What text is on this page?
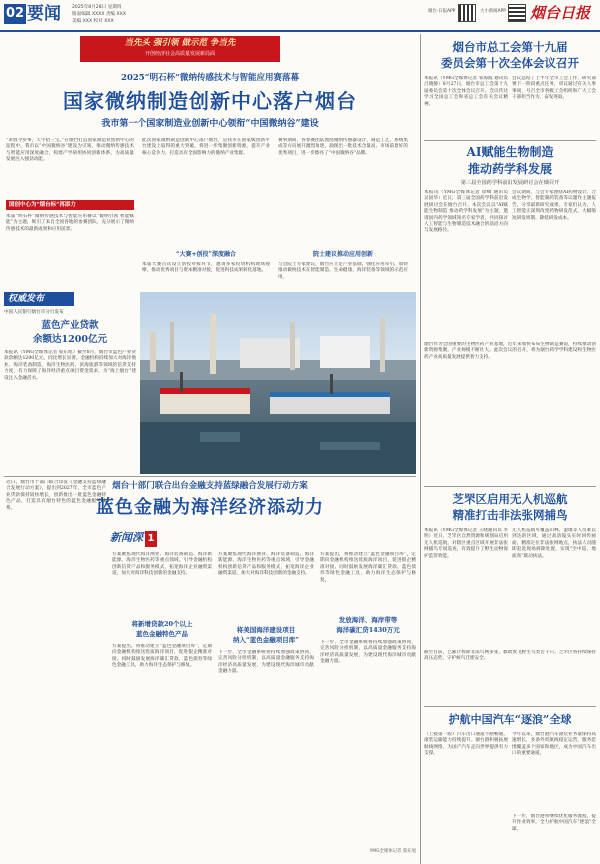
02 要闻 2025年8月28日 星期四
版面编辑 XXXX 责编 XXX
美编 XXX 校对 XXX
烟台·日报APP	大小新闻APP 烟台日报
当先头 强引领 做示范 争当先
开创经济社会高质量发展新局面
2025“明石杯”微纳传感技术与智能应用赛落幕
国家微纳制造创新中心落户烟台
我市第一个国家制造业创新中心领衔“中国微纳谷”建设
“求放今岁事，天宇招三宝。”在烟台打造国家制造业创新中心的征程中，我市以“中国微纳谷”建设为引领，推动微纳传感技术与智能应用深度融合，构建产学研用协同创新体系，为高质量发展注入强劲动能。
国创中心为“烟台标”再添力
本届“明石杯”微纳传感技术与智能应用赛以“微纳引领 智能赋能”为主题，吸引了来自全国各地的参赛团队，充分展示了微纳传感技术的最新成果和应用前景。
此次国家微纳制造创新中心落户烟台，是我市在国家级创新平台建设上取得的重大突破，将进一步集聚创新资源，提升产业核心竞争力，打造具有全国影响力的微纳产业集群。
“大赛+创投”深度融合
本届大赛首次设立创投对接环节，邀请多家投资机构现场观摩，推动优秀项目与资本精准对接，促进科技成果转化落地。
赛事期间，各参赛团队围绕微纳传感器设计、制造工艺、系统集成等方向展开激烈角逐，涌现出一批技术含量高、市场前景好的优秀项目，进一步擦亮了“中国微纳谷”品牌。
院士建议推动应用创新
与会院士专家建议，烟台应立足产业基础，强化应用牵引，加快推动微纳技术在智能制造、生命健康、海洋装备等领域的示范应用。
烟台市总工会第十九届
委员会第十次全体会议召开
本报讯（YMG全媒体记者 邹海波 通讯员 吕晓静）8月27日，烟台市总工会第十九届委员会第十次全体会议召开。会议传达学习全国总工会和省总工会有关会议精神。
会议总结了上半年全市工会工作，研究部署下一阶段重点任务，审议通过有关人事事项，号召全市各级工会组织和广大工会干部担当作为、奋发进取。
AI赋能生物制造
推动药学科发展
第三届全国药学科前沿发展研讨会在烟召开
本报讯（YMG全媒体记者 徐峰 通讯员 吴国华）近日，第三届全国药学科前沿发展研讨会在烟台召开。本次会议以“AI赋能生物制造 推动药学科发展”为主题，邀请国内药学领域知名专家学者，共同探讨人工智能与生物制造技术融合的前沿方向与发展路径。
会议期间，与会专家围绕AI药物设计、合成生物学、智能制药装备等议题作主题报告，分享最新研究成果。专家们认为，人工智能正深刻改变药物研发范式，大幅缩短研发周期、降低研发成本。
烟台作为全国重要的生物医药产业基地，近年来加快布局生物制造赛道，持续推动创新资源集聚，产业规模不断壮大。此次会议的召开，将为烟台药学学科建设和生物医药产业高质量发展提供智力支持。
权威发布
中国人民银行烟台市分行发布
蓝色产业贷款
余额达1200亿元
本报讯（YMG全媒体记者 蔡东旭）截至8月，烟台市蓝色产业贷款余额达1200亿元，同比增长显著。金融机构持续加大对海洋渔业、海洋装备制造、海洋生物医药、滨海旅游等领域的信贷支持力度，有力保障了海洋经济重点项目资金需求，为“海上烟台”建设注入金融活水。
烟台十部门联合出台金融支持蓝绿融合发展行动方案
蓝色金融为海洋经济添动力
新闻深 1
近日，烟台市十部门联合印发《金融支持蓝绿融合发展行动方案》，提出到2027年，全市蓝色产业贷款保持较快增长，创新推出一批蓝色金融特色产品，打造具有烟台特色的蓝色金融服务体系。
方案聚焦现代海洋渔业、海洋装备制造、海洋新能源、海洋生物医药等重点领域，引导金融机构创新信贷产品和服务模式，拓宽海洋企业融资渠道，加大对海洋科技创新的金融支持。
将新增贷款20个以上
蓝色金融特色产品
方案提出，将推动建立“蓝色金融项目库”，定期向金融机构推送优质海洋项目，促进银企精准对接。同时鼓励发展海洋碳汇贷款、蓝色债券等绿色金融工具，助力海洋生态保护与修复。
方案聚焦现代海洋渔业、海洋装备制造、海洋新能源、海洋生物医药等重点领域，引导金融机构创新信贷产品和服务模式，拓宽海洋企业融资渠道，加大对海洋科技创新的金融支持。
将美国海洋建设项目
纳入“蓝色金融项目库”
下一步，全市金融系统将持续加强政策协同，完善风险分担机制，以高质量金融服务支持海洋经济高质量发展，为建设现代海洋城市贡献金融力量。
方案提出，将推动建立“蓝色金融项目库”，定期向金融机构推送优质海洋项目，促进银企精准对接。同时鼓励发展海洋碳汇贷款、蓝色债券等绿色金融工具，助力海洋生态保护与修复。
发放海洋、海岸带等
海洋碳汇贷1430万元
下一步，全市金融系统将持续加强政策协同，完善风险分担机制，以高质量金融服务支持海洋经济高质量发展，为建设现代海洋城市贡献金融力量。
YMG全媒体记者 蔡东旭
芝罘区启用无人机巡航
精准打击非法张网捕鸟
本报讯（YMG全媒体记者 王晓通讯员 李明）近日，芝罘区自然资源和规划局启用无人机巡航，对辖区重点区域开展非法张网捕鸟专项巡查，有效提升了野生动物保护监管效能。
无人机巡航可覆盖山林、湿地等人员难以到达的区域，通过高清镜头实时回传画面，精准定位非法张网地点，执法人员随即赶赴现场拆除处置，实现“空中巡、地面查”联动执法。
截至目前，已累计拆除非法鸟网多张，救助放飞野生鸟类若干只。芝罘区将持续保持高压态势，守护候鸟迁徙安全。
护航中国汽车“逐浪”全球
（上接第一版）汽车出口通道不断畅通，滚装运输能力持续提升。烟台港积极拓展航线网络，为国产汽车走向世界提供有力支撑。
今年以来，烟台港汽车滚装业务量保持高速增长，多条外贸航线稳定运营，服务范围覆盖多个国家和地区，成为中国汽车出口的重要通道。
下一步，烟台港将继续优化服务流程，提升作业效率，全力护航中国汽车“逐浪”全球。
